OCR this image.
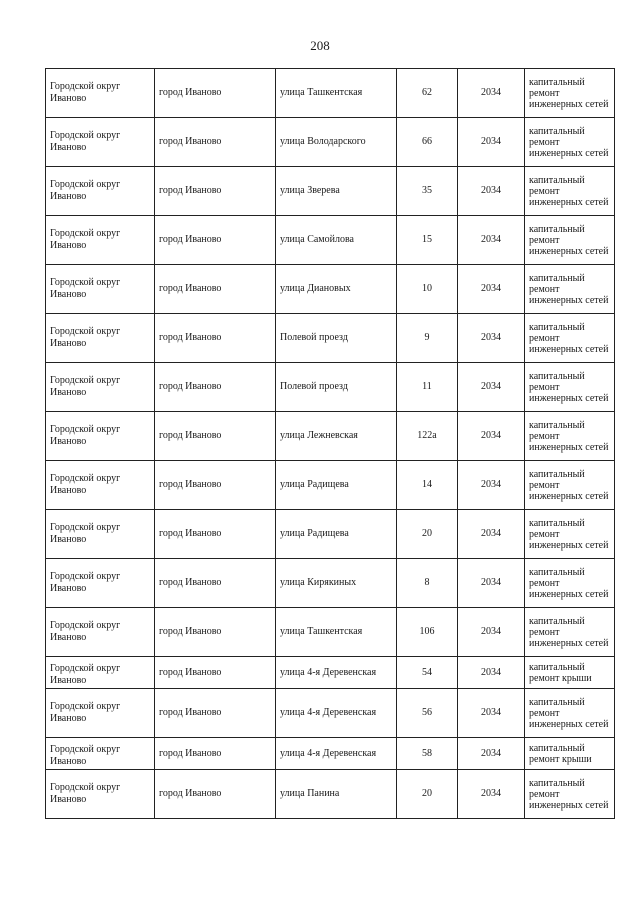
208
Городской округ Иваново	город Иваново	улица Ташкентская	62	2034	капитальный ремонт инженерных сетей
Городской округ Иваново	город Иваново	улица Володарского	66	2034	капитальный ремонт инженерных сетей
Городской округ Иваново	город Иваново	улица Зверева	35	2034	капитальный ремонт инженерных сетей
Городской округ Иваново	город Иваново	улица Самойлова	15	2034	капитальный ремонт инженерных сетей
Городской округ Иваново	город Иваново	улица Диановых	10	2034	капитальный ремонт инженерных сетей
Городской округ Иваново	город Иваново	Полевой проезд	9	2034	капитальный ремонт инженерных сетей
Городской округ Иваново	город Иваново	Полевой проезд	11	2034	капитальный ремонт инженерных сетей
Городской округ Иваново	город Иваново	улица Лежневская	122а	2034	капитальный ремонт инженерных сетей
Городской округ Иваново	город Иваново	улица Радищева	14	2034	капитальный ремонт инженерных сетей
Городской округ Иваново	город Иваново	улица Радищева	20	2034	капитальный ремонт инженерных сетей
Городской округ Иваново	город Иваново	улица Кирякиных	8	2034	капитальный ремонт инженерных сетей
Городской округ Иваново	город Иваново	улица Ташкентская	106	2034	капитальный ремонт инженерных сетей
Городской округ Иваново	город Иваново	улица 4-я Деревенская	54	2034	капитальный ремонт крыши
Городской округ Иваново	город Иваново	улица 4-я Деревенская	56	2034	капитальный ремонт инженерных сетей
Городской округ Иваново	город Иваново	улица 4-я Деревенская	58	2034	капитальный ремонт крыши
Городской округ Иваново	город Иваново	улица Панина	20	2034	капитальный ремонт инженерных сетей
